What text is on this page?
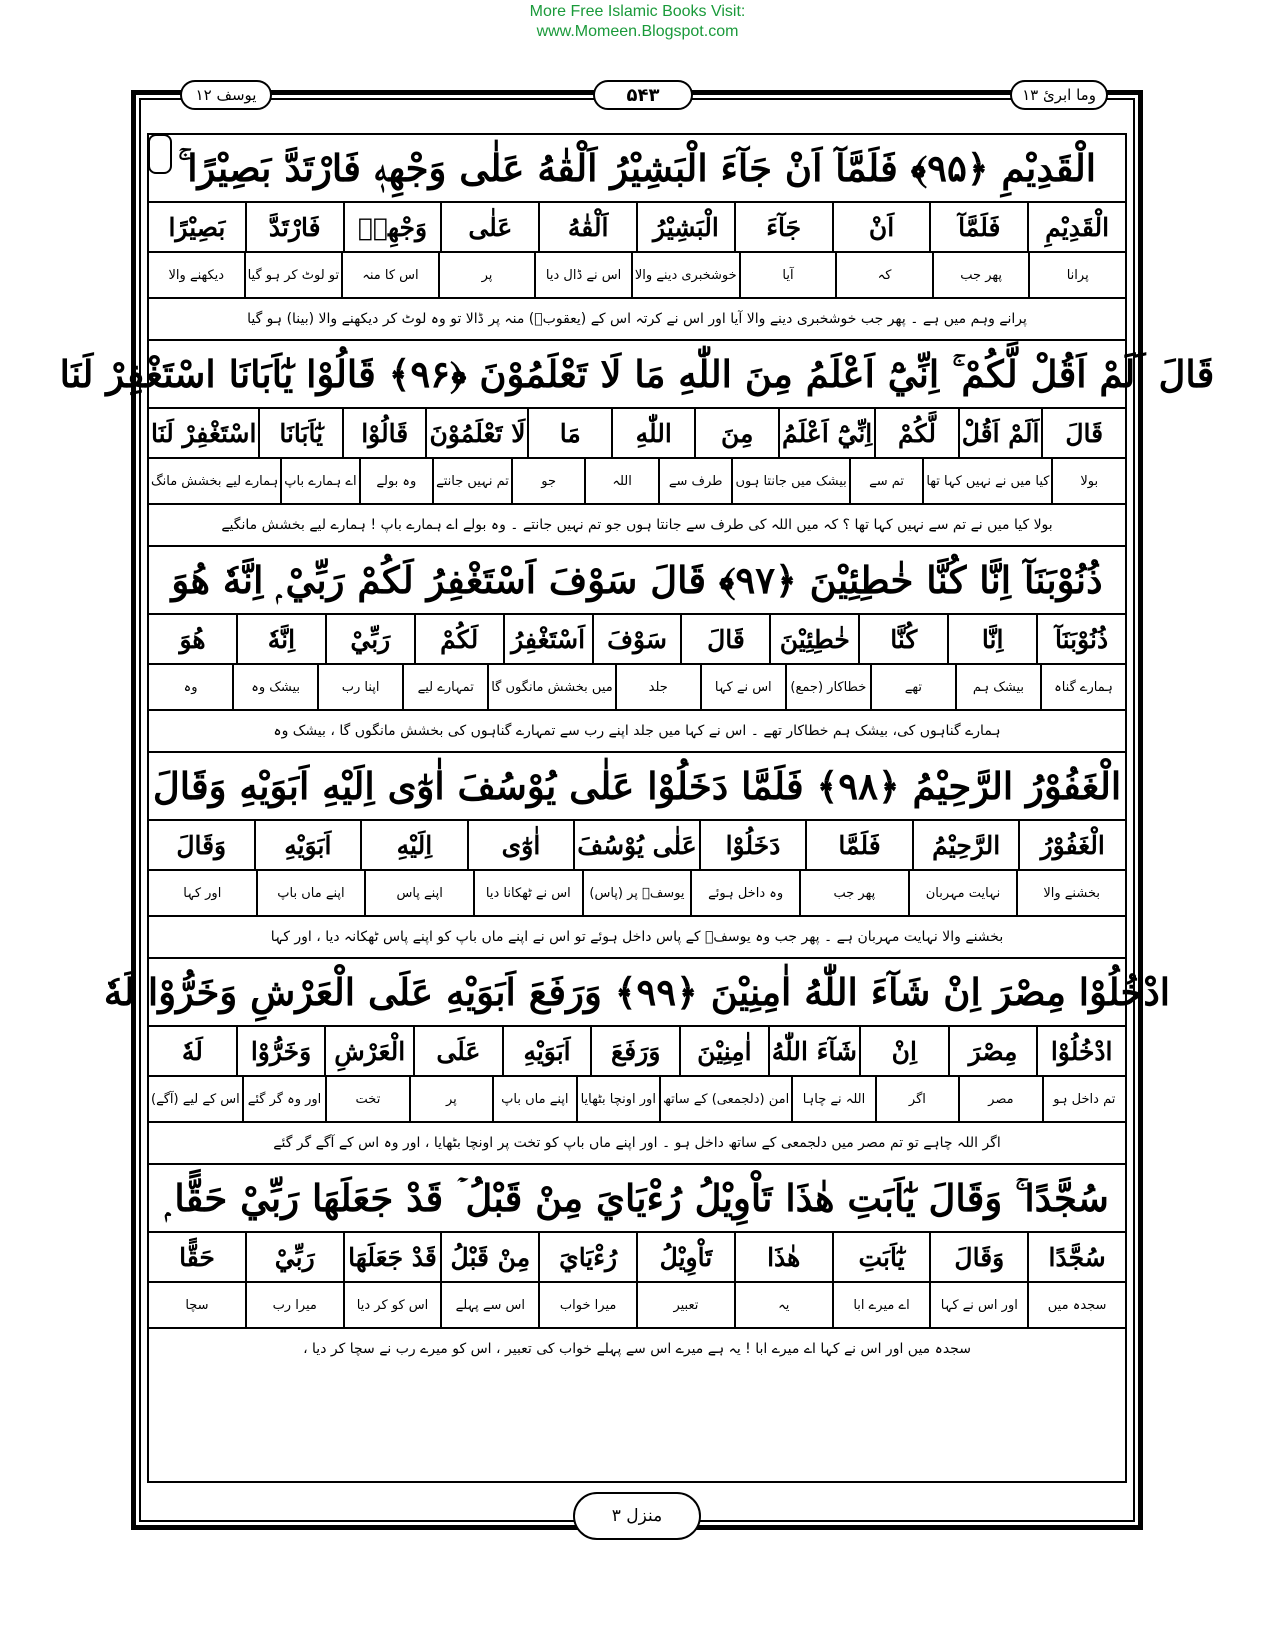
More Free Islamic Books Visit:
www.Momeen.Blogspot.com
یوسف ۱۲	۵۴۳	وما ابرئ ۱۳
الْقَدِيْمِ ﴿۹۵﴾ فَلَمَّآ اَنْ جَآءَ الْبَشِيْرُ اَلْقٰهُ عَلٰى وَجْهِهٖ فَارْتَدَّ بَصِيْرًا ۚ
الْقَدِيْمِ
فَلَمَّآ
اَنْ
جَآءَ
الْبَشِيْرُ
اَلْقٰهُ
عَلٰى
وَجْهِهٖ
فَارْتَدَّ
بَصِيْرًا
پرانا
پھر جب
کہ
آیا
خوشخبری دینے والا
اس نے ڈال دیا
پر
اس کا منہ
تو لوٹ کر ہو گیا
دیکھنے والا
پرانے وہم میں ہے ۔ پھر جب خوشخبری دینے والا آیا اور اس نے کرتہ اس کے (یعقوبؑ) منہ پر ڈالا تو وہ لوٹ کر دیکھنے والا (بینا) ہو گیا
قَالَ اَلَمْ اَقُلْ لَّكُمْ ۚ اِنِّيْٓ اَعْلَمُ مِنَ اللّٰهِ مَا لَا تَعْلَمُوْنَ ﴿۹۶﴾ قَالُوْا يٰٓاَبَانَا اسْتَغْفِرْ لَنَا
قَالَ
اَلَمْ اَقُلْ
لَّكُمْ
اِنِّيْٓ اَعْلَمُ
مِنَ
اللّٰهِ
مَا
لَا تَعْلَمُوْنَ
قَالُوْا
يٰٓاَبَانَا
اسْتَغْفِرْ لَنَا
بولا
کیا میں نے نہیں کہا تھا
تم سے
بیشک میں جانتا ہوں
طرف سے
اللہ
جو
تم نہیں جانتے
وہ بولے
اے ہمارے باپ
ہمارے لیے بخشش مانگ
بولا کیا میں نے تم سے نہیں کہا تھا ؟ کہ میں اللہ کی طرف سے جانتا ہوں جو تم نہیں جانتے ۔ وہ بولے اے ہمارے باپ ! ہمارے لیے بخشش مانگیے
ذُنُوْبَنَآ اِنَّا كُنَّا خٰطِئِيْنَ ﴿۹۷﴾ قَالَ سَوْفَ اَسْتَغْفِرُ لَكُمْ رَبِّيْ ۭ اِنَّهٗ هُوَ
ذُنُوْبَنَآ
اِنَّا
كُنَّا
خٰطِئِيْنَ
قَالَ
سَوْفَ
اَسْتَغْفِرُ
لَكُمْ
رَبِّيْ
اِنَّهٗ
هُوَ
ہمارے گناہ
بیشک ہم
تھے
خطاکار (جمع)
اس نے کہا
جلد
میں بخشش مانگوں گا
تمہارے لیے
اپنا رب
بیشک وہ
وہ
ہمارے گناہوں کی، بیشک ہم خطاکار تھے ۔ اس نے کہا میں جلد اپنے رب سے تمہارے گناہوں کی بخشش مانگوں گا ، بیشک وہ
الْغَفُوْرُ الرَّحِيْمُ ﴿۹۸﴾ فَلَمَّا دَخَلُوْا عَلٰى يُوْسُفَ اٰوٰٓى اِلَيْهِ اَبَوَيْهِ وَقَالَ
الْغَفُوْرُ
الرَّحِيْمُ
فَلَمَّا
دَخَلُوْا
عَلٰى يُوْسُفَ
اٰوٰٓى
اِلَيْهِ
اَبَوَيْهِ
وَقَالَ
بخشنے والا
نہایت مہربان
پھر جب
وہ داخل ہوئے
یوسفؑ پر (پاس)
اس نے ٹھکانا دیا
اپنے پاس
اپنے ماں باپ
اور کہا
بخشنے والا نہایت مہربان ہے ۔ پھر جب وہ یوسفؑ کے پاس داخل ہوئے تو اس نے اپنے ماں باپ کو اپنے پاس ٹھکانہ دیا ، اور کہا
ادْخُلُوْا مِصْرَ اِنْ شَآءَ اللّٰهُ اٰمِنِيْنَ ﴿۹۹﴾ وَرَفَعَ اَبَوَيْهِ عَلَى الْعَرْشِ وَخَرُّوْا لَهٗ
ادْخُلُوْا
مِصْرَ
اِنْ
شَآءَ اللّٰهُ
اٰمِنِيْنَ
وَرَفَعَ
اَبَوَيْهِ
عَلَى
الْعَرْشِ
وَخَرُّوْا
لَهٗ
تم داخل ہو
مصر
اگر
اللہ نے چاہا
امن (دلجمعی) کے ساتھ
اور اونچا بٹھایا
اپنے ماں باپ
پر
تخت
اور وہ گر گئے
اس کے لیے (آگے)
اگر اللہ چاہے تو تم مصر میں دلجمعی کے ساتھ داخل ہو ۔ اور اپنے ماں باپ کو تخت پر اونچا بٹھایا ، اور وہ اس کے آگے گر گئے
سُجَّدًا ۚ وَقَالَ يٰٓاَبَتِ هٰذَا تَاْوِيْلُ رُءْيَايَ مِنْ قَبْلُ ۡ قَدْ جَعَلَهَا رَبِّيْ حَقًّا ۭ
سُجَّدًا
وَقَالَ
يٰٓاَبَتِ
هٰذَا
تَاْوِيْلُ
رُءْيَايَ
مِنْ قَبْلُ
قَدْ جَعَلَهَا
رَبِّيْ
حَقًّا
سجدہ میں
اور اس نے کہا
اے میرے ابا
یہ
تعبیر
میرا خواب
اس سے پہلے
اس کو کر دیا
میرا رب
سچا
سجدہ میں اور اس نے کہا اے میرے ابا ! یہ ہے میرے اس سے پہلے خواب کی تعبیر ، اس کو میرے رب نے سچا کر دیا ،
منزل ۳
